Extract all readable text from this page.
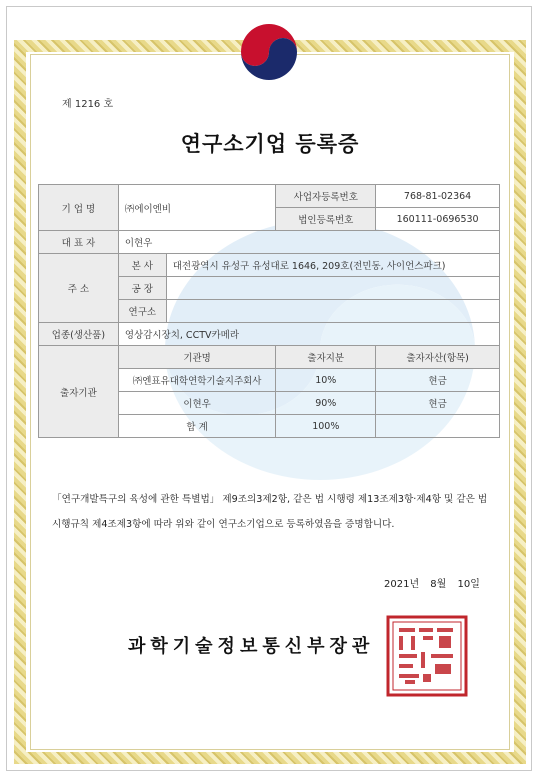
제 1216 호
연구소기업 등록증
기 업 명	㈜에이엔비		사업자등록번호	768-81-02364
			법인등록번호	160111-0696530
대 표 자	이현우			
주 소	본 사	대전광역시 유성구 유성대로 1646, 209호(전민동, 사이언스파크)		
	공 장			
	연구소			
업종(생산품)	영상감시장치, CCTV카메라			
출자기관	기관명		출자지분	출자자산(항목)
	㈜엔표유대학연학기술지주회사		10%	현금
	이현우		90%	현금
	합 계		100%	
「연구개발특구의 육성에 관한 특별법」 제9조의3제2항, 같은 법 시행령 제13조제3항·제4항 및 같은 법 시행규칙 제4조제3항에 따라 위와 같이 연구소기업으로 등록하였음을 증명합니다.
2021년 8월 10일
과학기술정보통신부장관
